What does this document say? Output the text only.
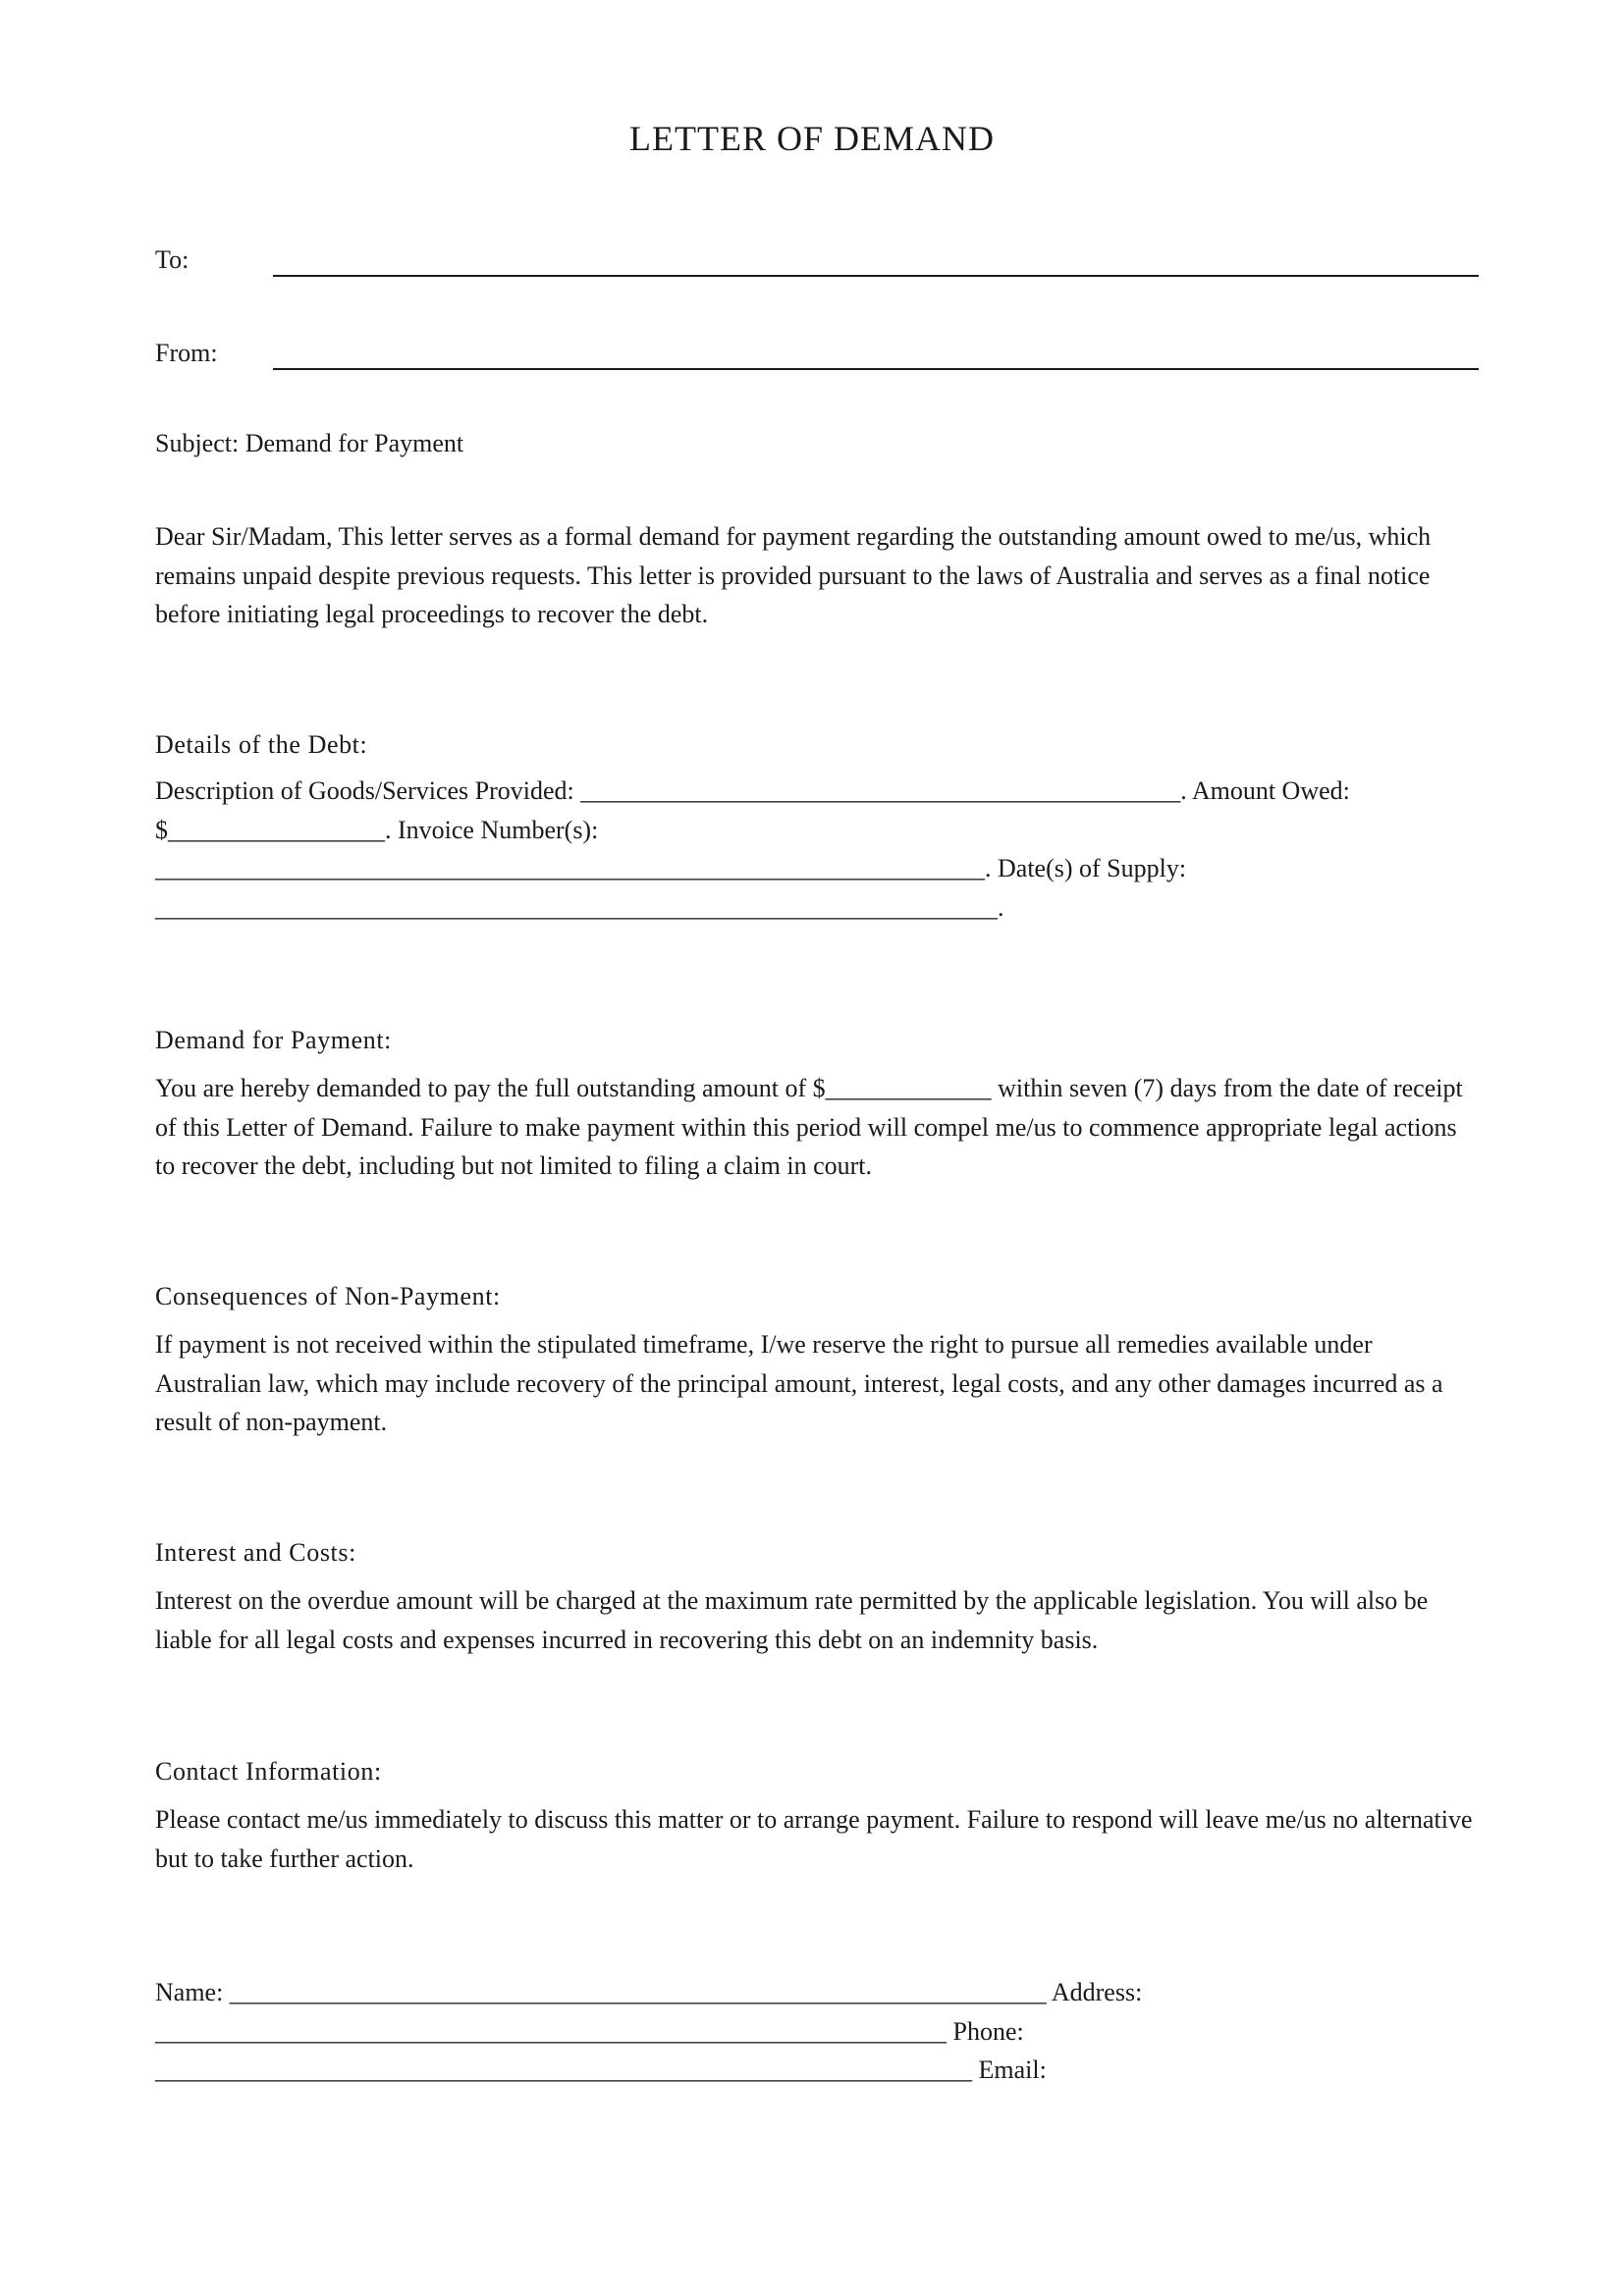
LETTER OF DEMAND
To:
From:
Subject: Demand for Payment
Dear Sir/Madam, This letter serves as a formal demand for payment regarding the outstanding amount owed to me/us, which remains unpaid despite previous requests. This letter is provided pursuant to the laws of Australia and serves as a final notice before initiating legal proceedings to recover the debt.
Details of the Debt:
Description of Goods/Services Provided: _______________________________________________. Amount Owed:
$_________________. Invoice Number(s):
_________________________________________________________________. Date(s) of Supply:
__________________________________________________________________.
Demand for Payment:
You are hereby demanded to pay the full outstanding amount of $_____________ within seven (7) days from the date of receipt of this Letter of Demand. Failure to make payment within this period will compel me/us to commence appropriate legal actions to recover the debt, including but not limited to filing a claim in court.
Consequences of Non-Payment:
If payment is not received within the stipulated timeframe, I/we reserve the right to pursue all remedies available under Australian law, which may include recovery of the principal amount, interest, legal costs, and any other damages incurred as a result of non-payment.
Interest and Costs:
Interest on the overdue amount will be charged at the maximum rate permitted by the applicable legislation. You will also be liable for all legal costs and expenses incurred in recovering this debt on an indemnity basis.
Contact Information:
Please contact me/us immediately to discuss this matter or to arrange payment. Failure to respond will leave me/us no alternative but to take further action.
Name: ________________________________________________________________ Address:
______________________________________________________________ Phone:
________________________________________________________________ Email:
